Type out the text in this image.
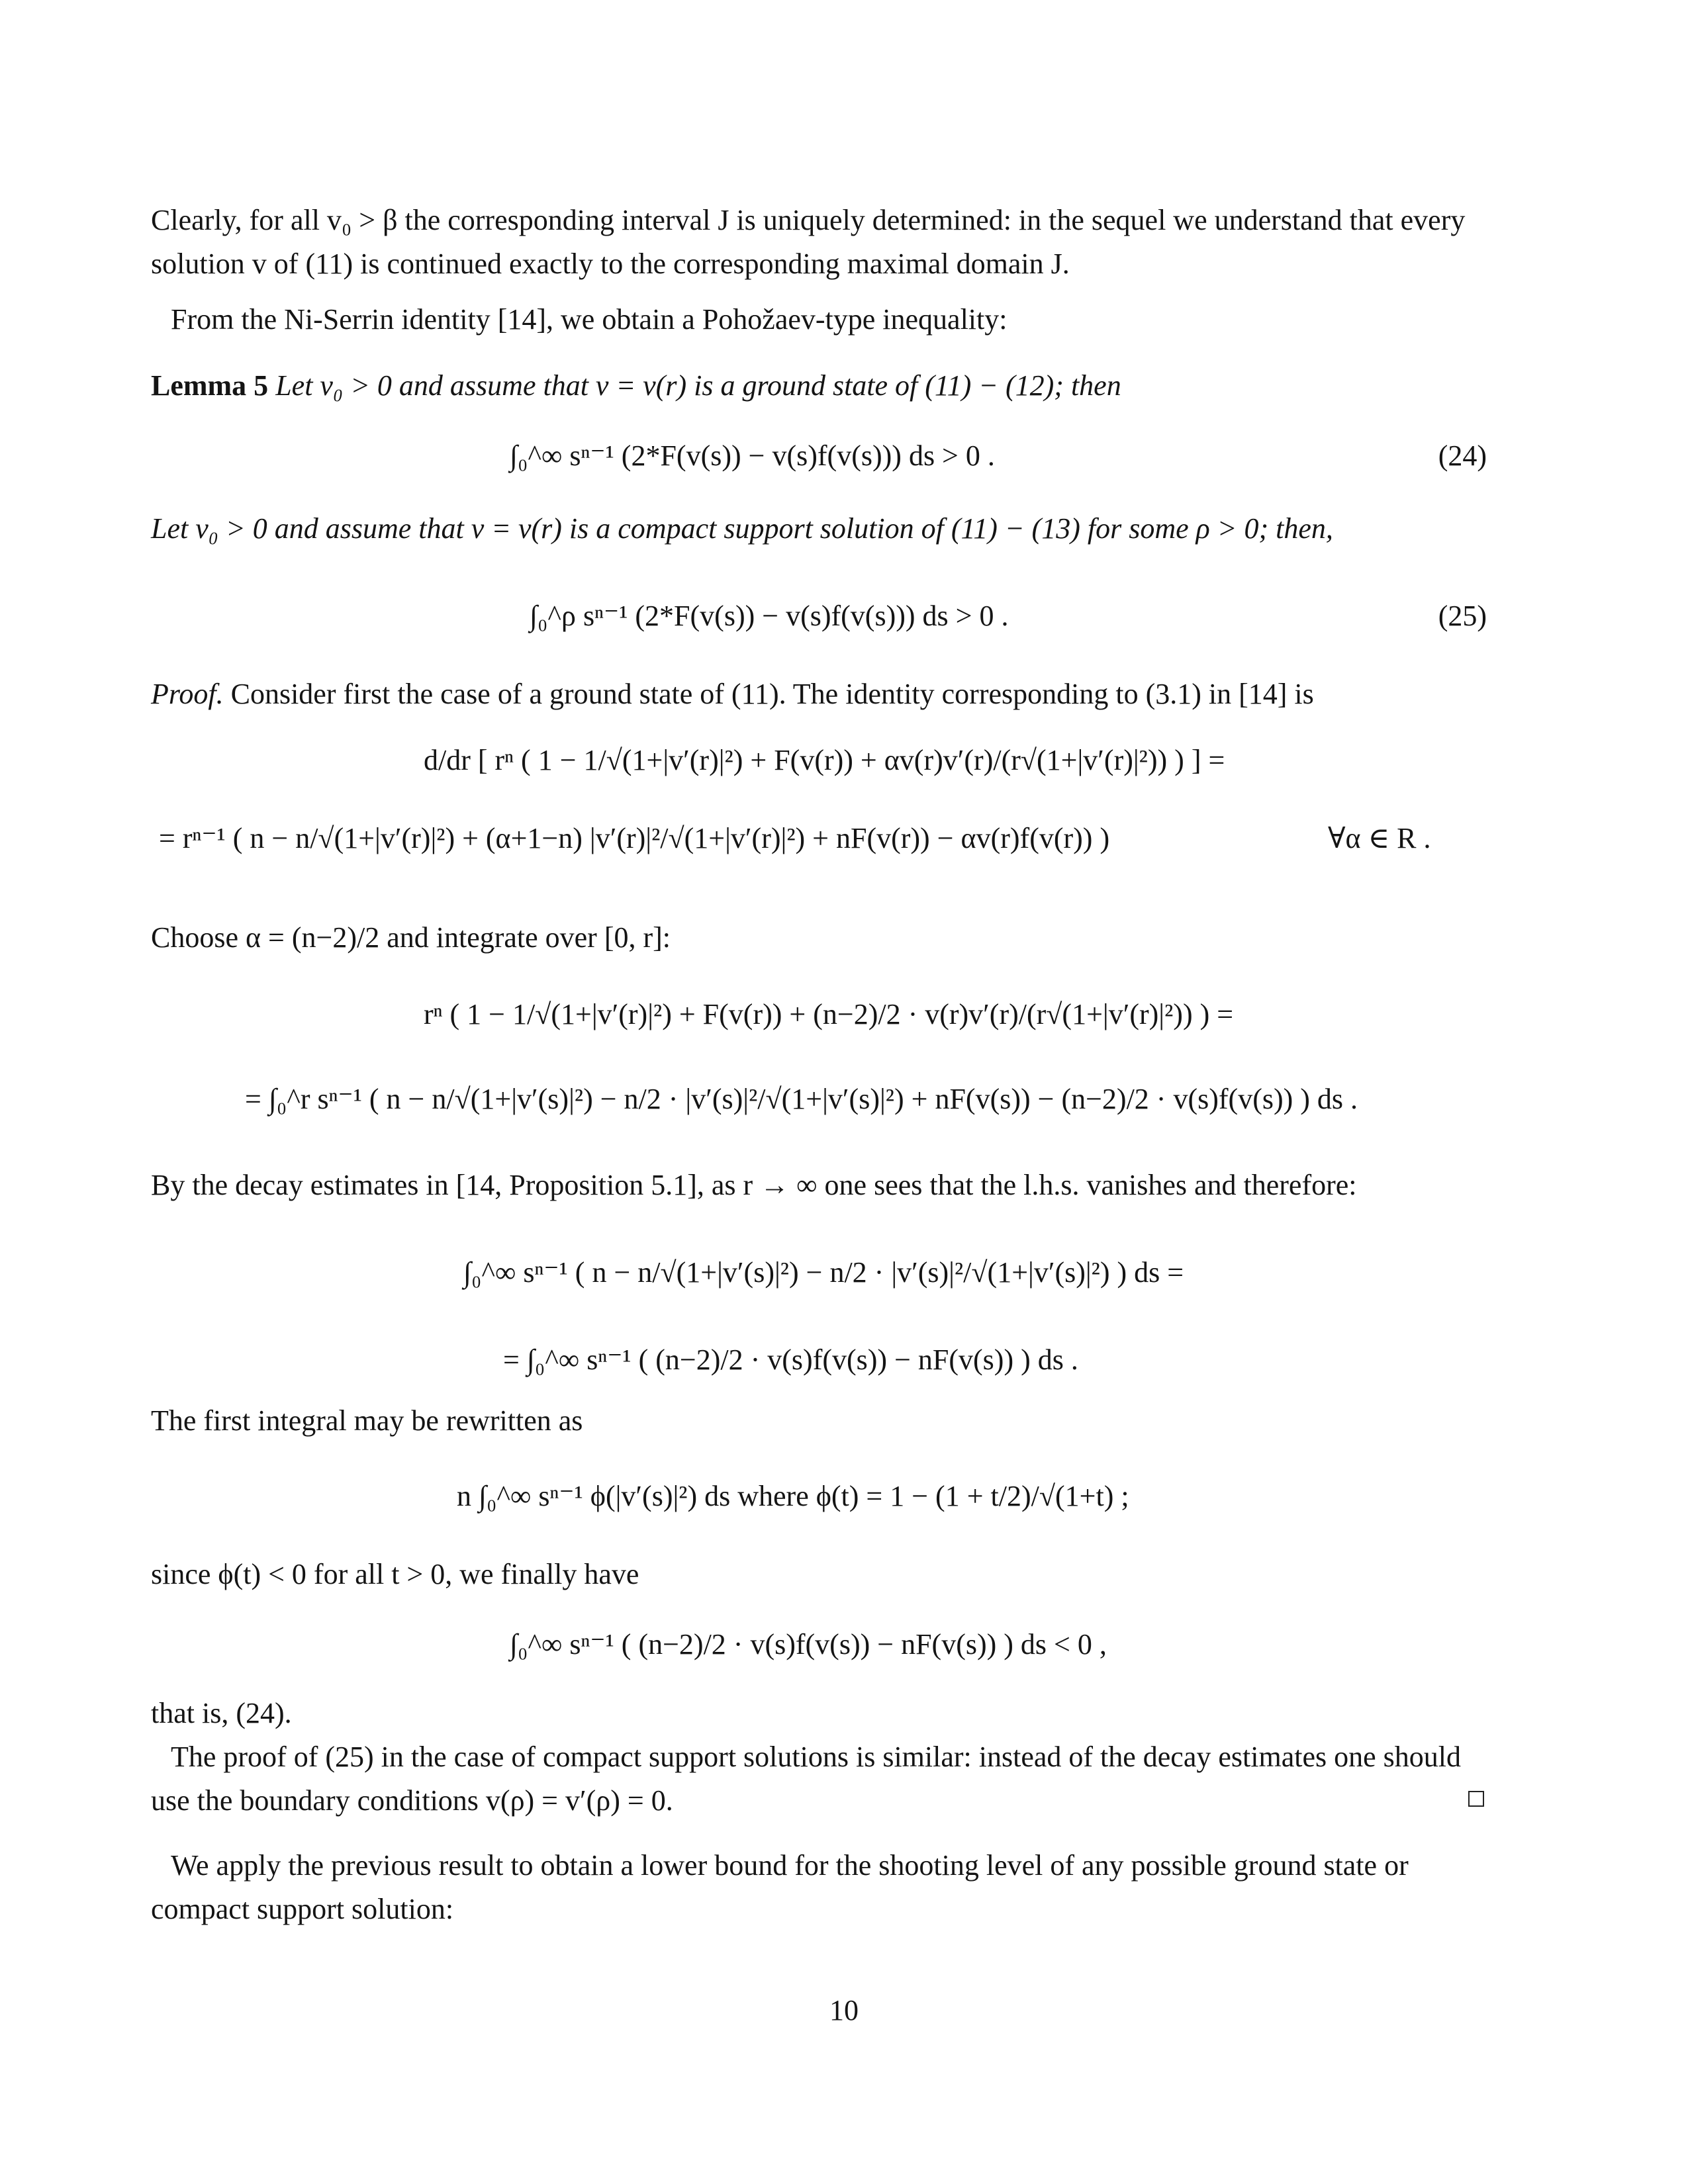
Clearly, for all v₀ > β the corresponding interval J is uniquely determined: in the sequel we understand that every solution v of (11) is continued exactly to the corresponding maximal domain J.

From the Ni-Serrin identity [14], we obtain a Pohožaev-type inequality:

Lemma 5 Let v₀ > 0 and assume that v = v(r) is a ground state of (11) − (12); then

∫₀^∞ sⁿ⁻¹ (2*F(v(s)) − v(s)f(v(s))) ds > 0 .	(24)

Let v₀ > 0 and assume that v = v(r) is a compact support solution of (11) − (13) for some ρ > 0; then,

∫₀^ρ sⁿ⁻¹ (2*F(v(s)) − v(s)f(v(s))) ds > 0 .	(25)

Proof. Consider first the case of a ground state of (11). The identity corresponding to (3.1) in [14] is

d/dr [ rⁿ ( 1 − 1/√(1+|v′(r)|²) + F(v(r)) + αv(r)v′(r)/(r√(1+|v′(r)|²)) ) ] =
= rⁿ⁻¹ ( n − n/√(1+|v′(r)|²) + (α+1−n) |v′(r)|²/√(1+|v′(r)|²) + nF(v(r)) − αv(r)f(v(r)) )	∀α ∈ R .

Choose α = (n−2)/2 and integrate over [0, r]:

rⁿ ( 1 − 1/√(1+|v′(r)|²) + F(v(r)) + (n−2)/2 · v(r)v′(r)/(r√(1+|v′(r)|²)) ) =
= ∫₀^r sⁿ⁻¹ ( n − n/√(1+|v′(s)|²) − n/2 · |v′(s)|²/√(1+|v′(s)|²) + nF(v(s)) − (n−2)/2 · v(s)f(v(s)) ) ds .

By the decay estimates in [14, Proposition 5.1], as r → ∞ one sees that the l.h.s. vanishes and therefore:

∫₀^∞ sⁿ⁻¹ ( n − n/√(1+|v′(s)|²) − n/2 · |v′(s)|²/√(1+|v′(s)|²) ) ds =
= ∫₀^∞ sⁿ⁻¹ ( (n−2)/2 · v(s)f(v(s)) − nF(v(s)) ) ds .

The first integral may be rewritten as

n ∫₀^∞ sⁿ⁻¹ ϕ(|v′(s)|²) ds where ϕ(t) = 1 − (1 + t/2)/√(1+t) ;

since ϕ(t) < 0 for all t > 0, we finally have

∫₀^∞ sⁿ⁻¹ ( (n−2)/2 · v(s)f(v(s)) − nF(v(s)) ) ds < 0 ,

that is, (24).

The proof of (25) in the case of compact support solutions is similar: instead of the decay estimates one should use the boundary conditions v(ρ) = v′(ρ) = 0.

We apply the previous result to obtain a lower bound for the shooting level of any possible ground state or compact support solution:

10
